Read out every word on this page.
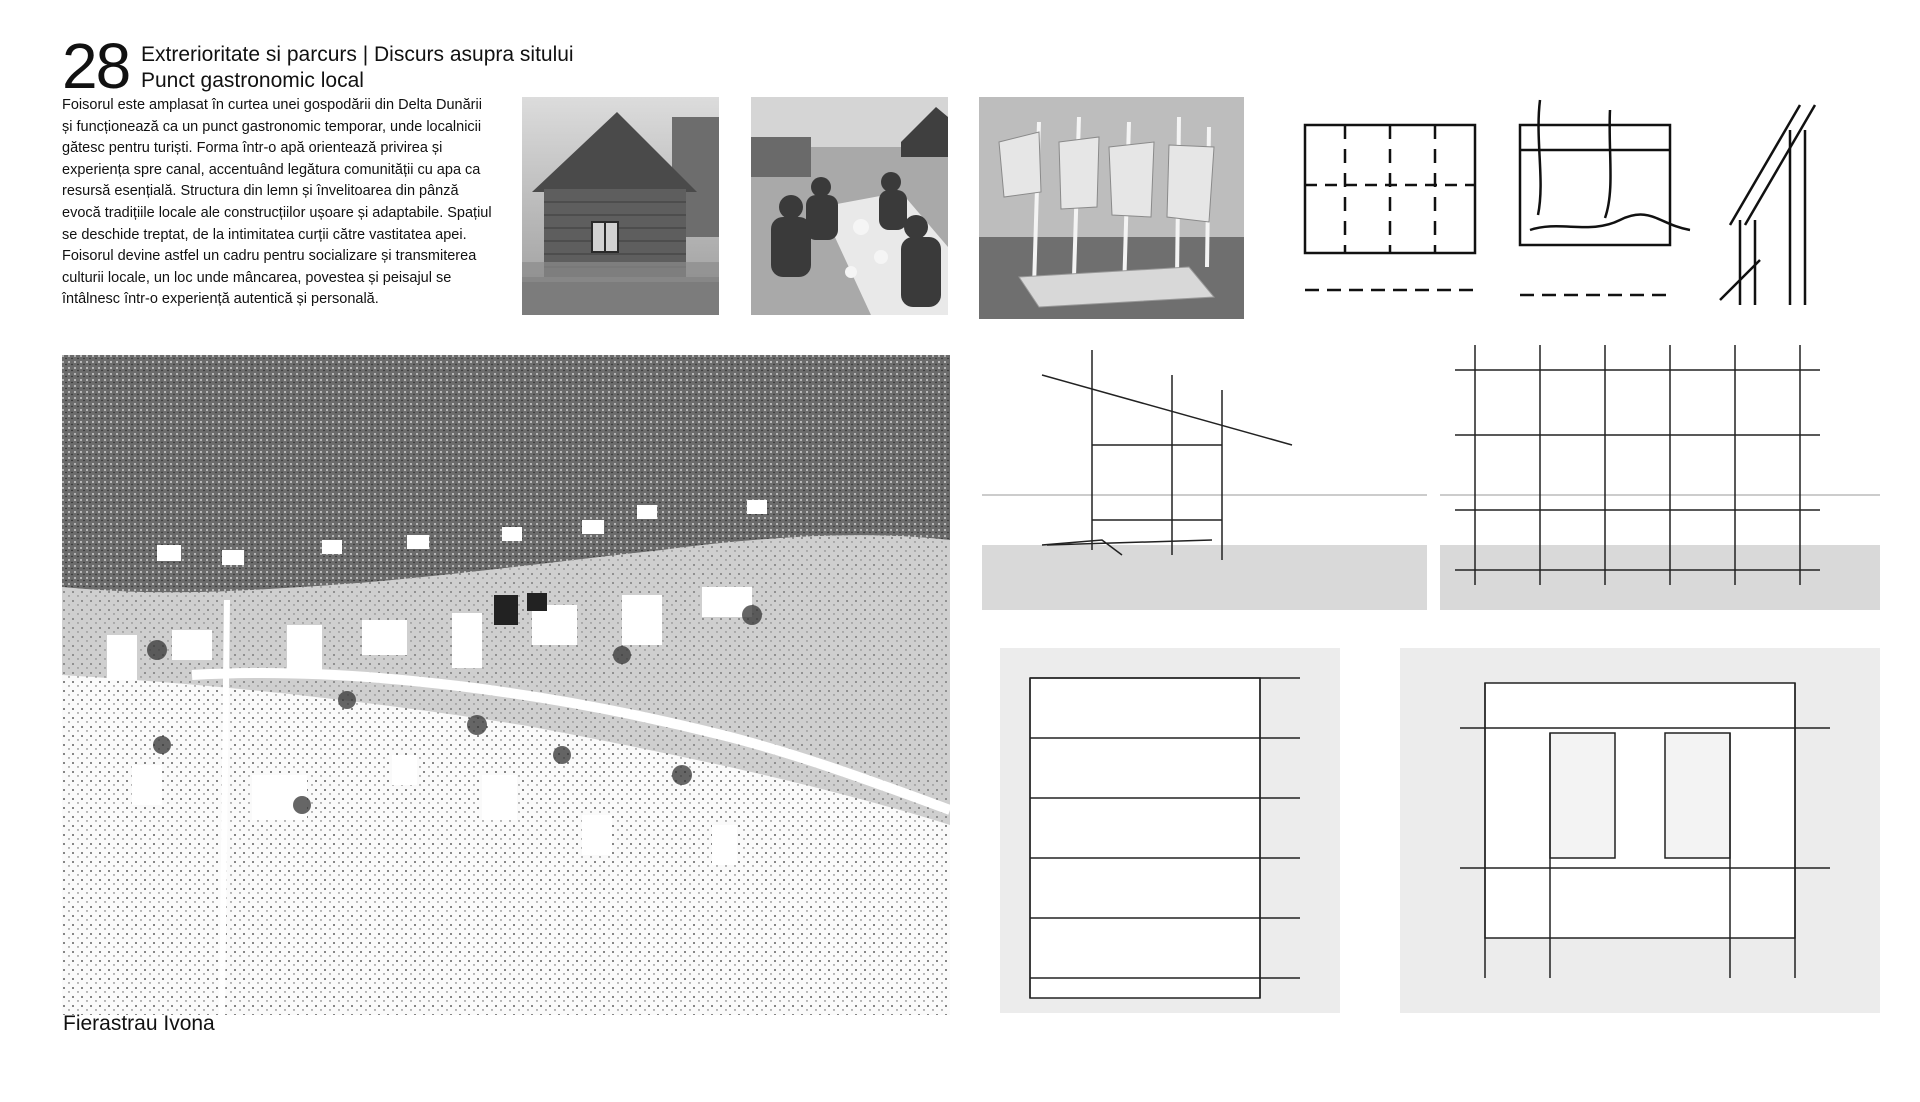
28 Extrerioritate si parcurs | Discurs asupra sitului
Punct gastronomic local
Foisorul este amplasat în curtea unei gospodării din Delta Dunării și funcționează ca un punct gastronomic temporar, unde localnicii gătesc pentru turiști. Forma într-o apă orientează privirea și experiența spre canal, accentuând legătura comunității cu apa ca resursă esențială. Structura din lemn și învelitoarea din pânză evocă tradițiile locale ale construcțiilor ușoare și adaptabile. Spațiul se deschide treptat, de la intimitatea curții către vastitatea apei. Foisorul devine astfel un cadru pentru socializare și transmiterea culturii locale, un loc unde mâncarea, povestea și peisajul se întâlnesc într-o experiență autentică și personală.
Fierastrau Ivona
